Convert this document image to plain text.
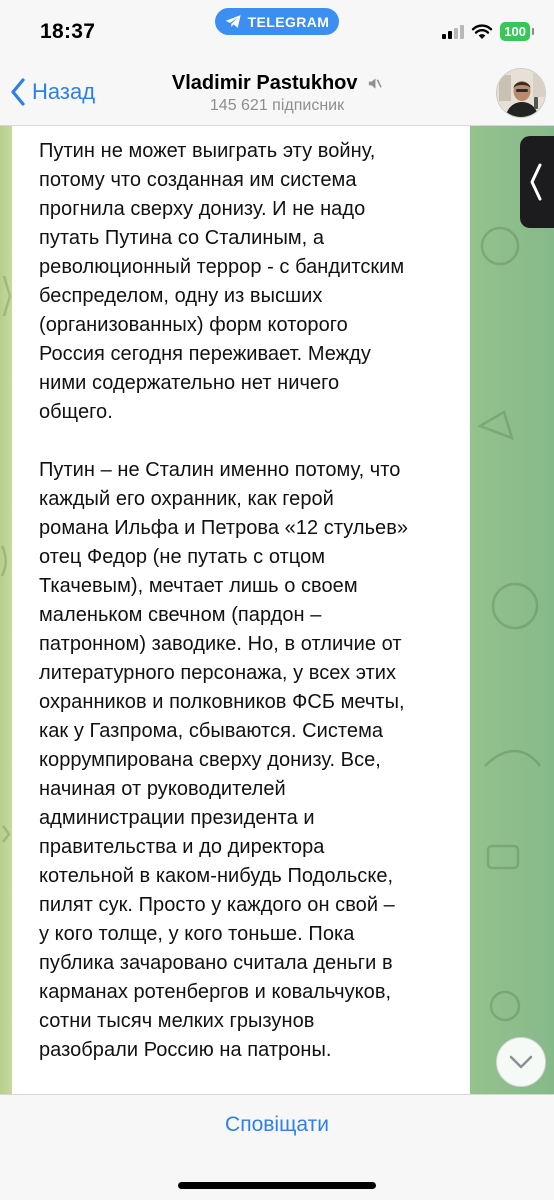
18:37	TELEGRAM
100
Назад	Vladimir Pastukhov
145 621 підписник

Путин не может выиграть эту войну,
потому что созданная им система
прогнила сверху донизу. И не надо
путать Путина со Сталиным, а
революционный террор - с бандитским
беспределом, одну из высших
(организованных) форм которого
Россия сегодня переживает. Между
ними содержательно нет ничего
общего.

Путин – не Сталин именно потому, что
каждый его охранник, как герой
романа Ильфа и Петрова «12 стульев»
отец Федор (не путать с отцом
Ткачевым), мечтает лишь о своем
маленьком свечном (пардон –
патронном) заводике. Но, в отличие от
литературного персонажа, у всех этих
охранников и полковников ФСБ мечты,
как у Газпрома, сбываются. Система
коррумпирована сверху донизу. Все,
начиная от руководителей
администрации президента и
правительства и до директора
котельной в каком-нибудь Подольске,
пилят сук. Просто у каждого он свой –
у кого толще, у кого тоньше. Пока
публика зачаровано считала деньги в
карманах ротенбергов и ковальчуков,
сотни тысяч мелких грызунов
разобрали Россию на патроны.

Сповіщати
